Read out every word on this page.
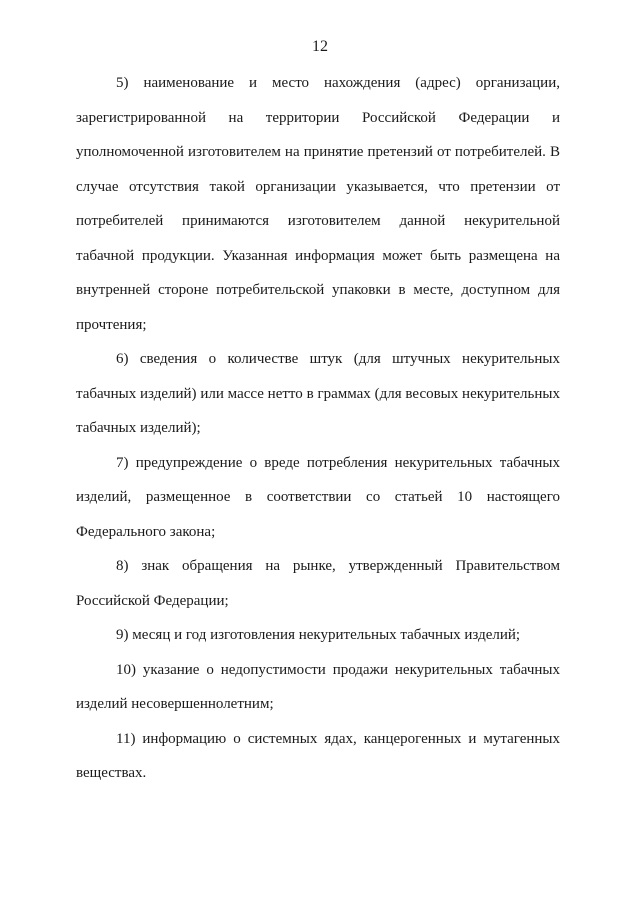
12

5) наименование и место нахождения (адрес) организации, зарегистрированной на территории Российской Федерации и уполномоченной изготовителем на принятие претензий от потребителей. В случае отсутствия такой организации указывается, что претензии от потребителей принимаются изготовителем данной некурительной табачной продукции. Указанная информация может быть размещена на внутренней стороне потребительской упаковки в месте, доступном для прочтения;

6) сведения о количестве штук (для штучных некурительных табачных изделий) или массе нетто в граммах (для весовых некурительных табачных изделий);

7) предупреждение о вреде потребления некурительных табачных изделий, размещенное в соответствии со статьей 10 настоящего Федерального закона;

8) знак обращения на рынке, утвержденный Правительством Российской Федерации;

9) месяц и год изготовления некурительных табачных изделий;

10) указание о недопустимости продажи некурительных табачных изделий несовершеннолетним;

11) информацию о системных ядах, канцерогенных и мутагенных веществах.
